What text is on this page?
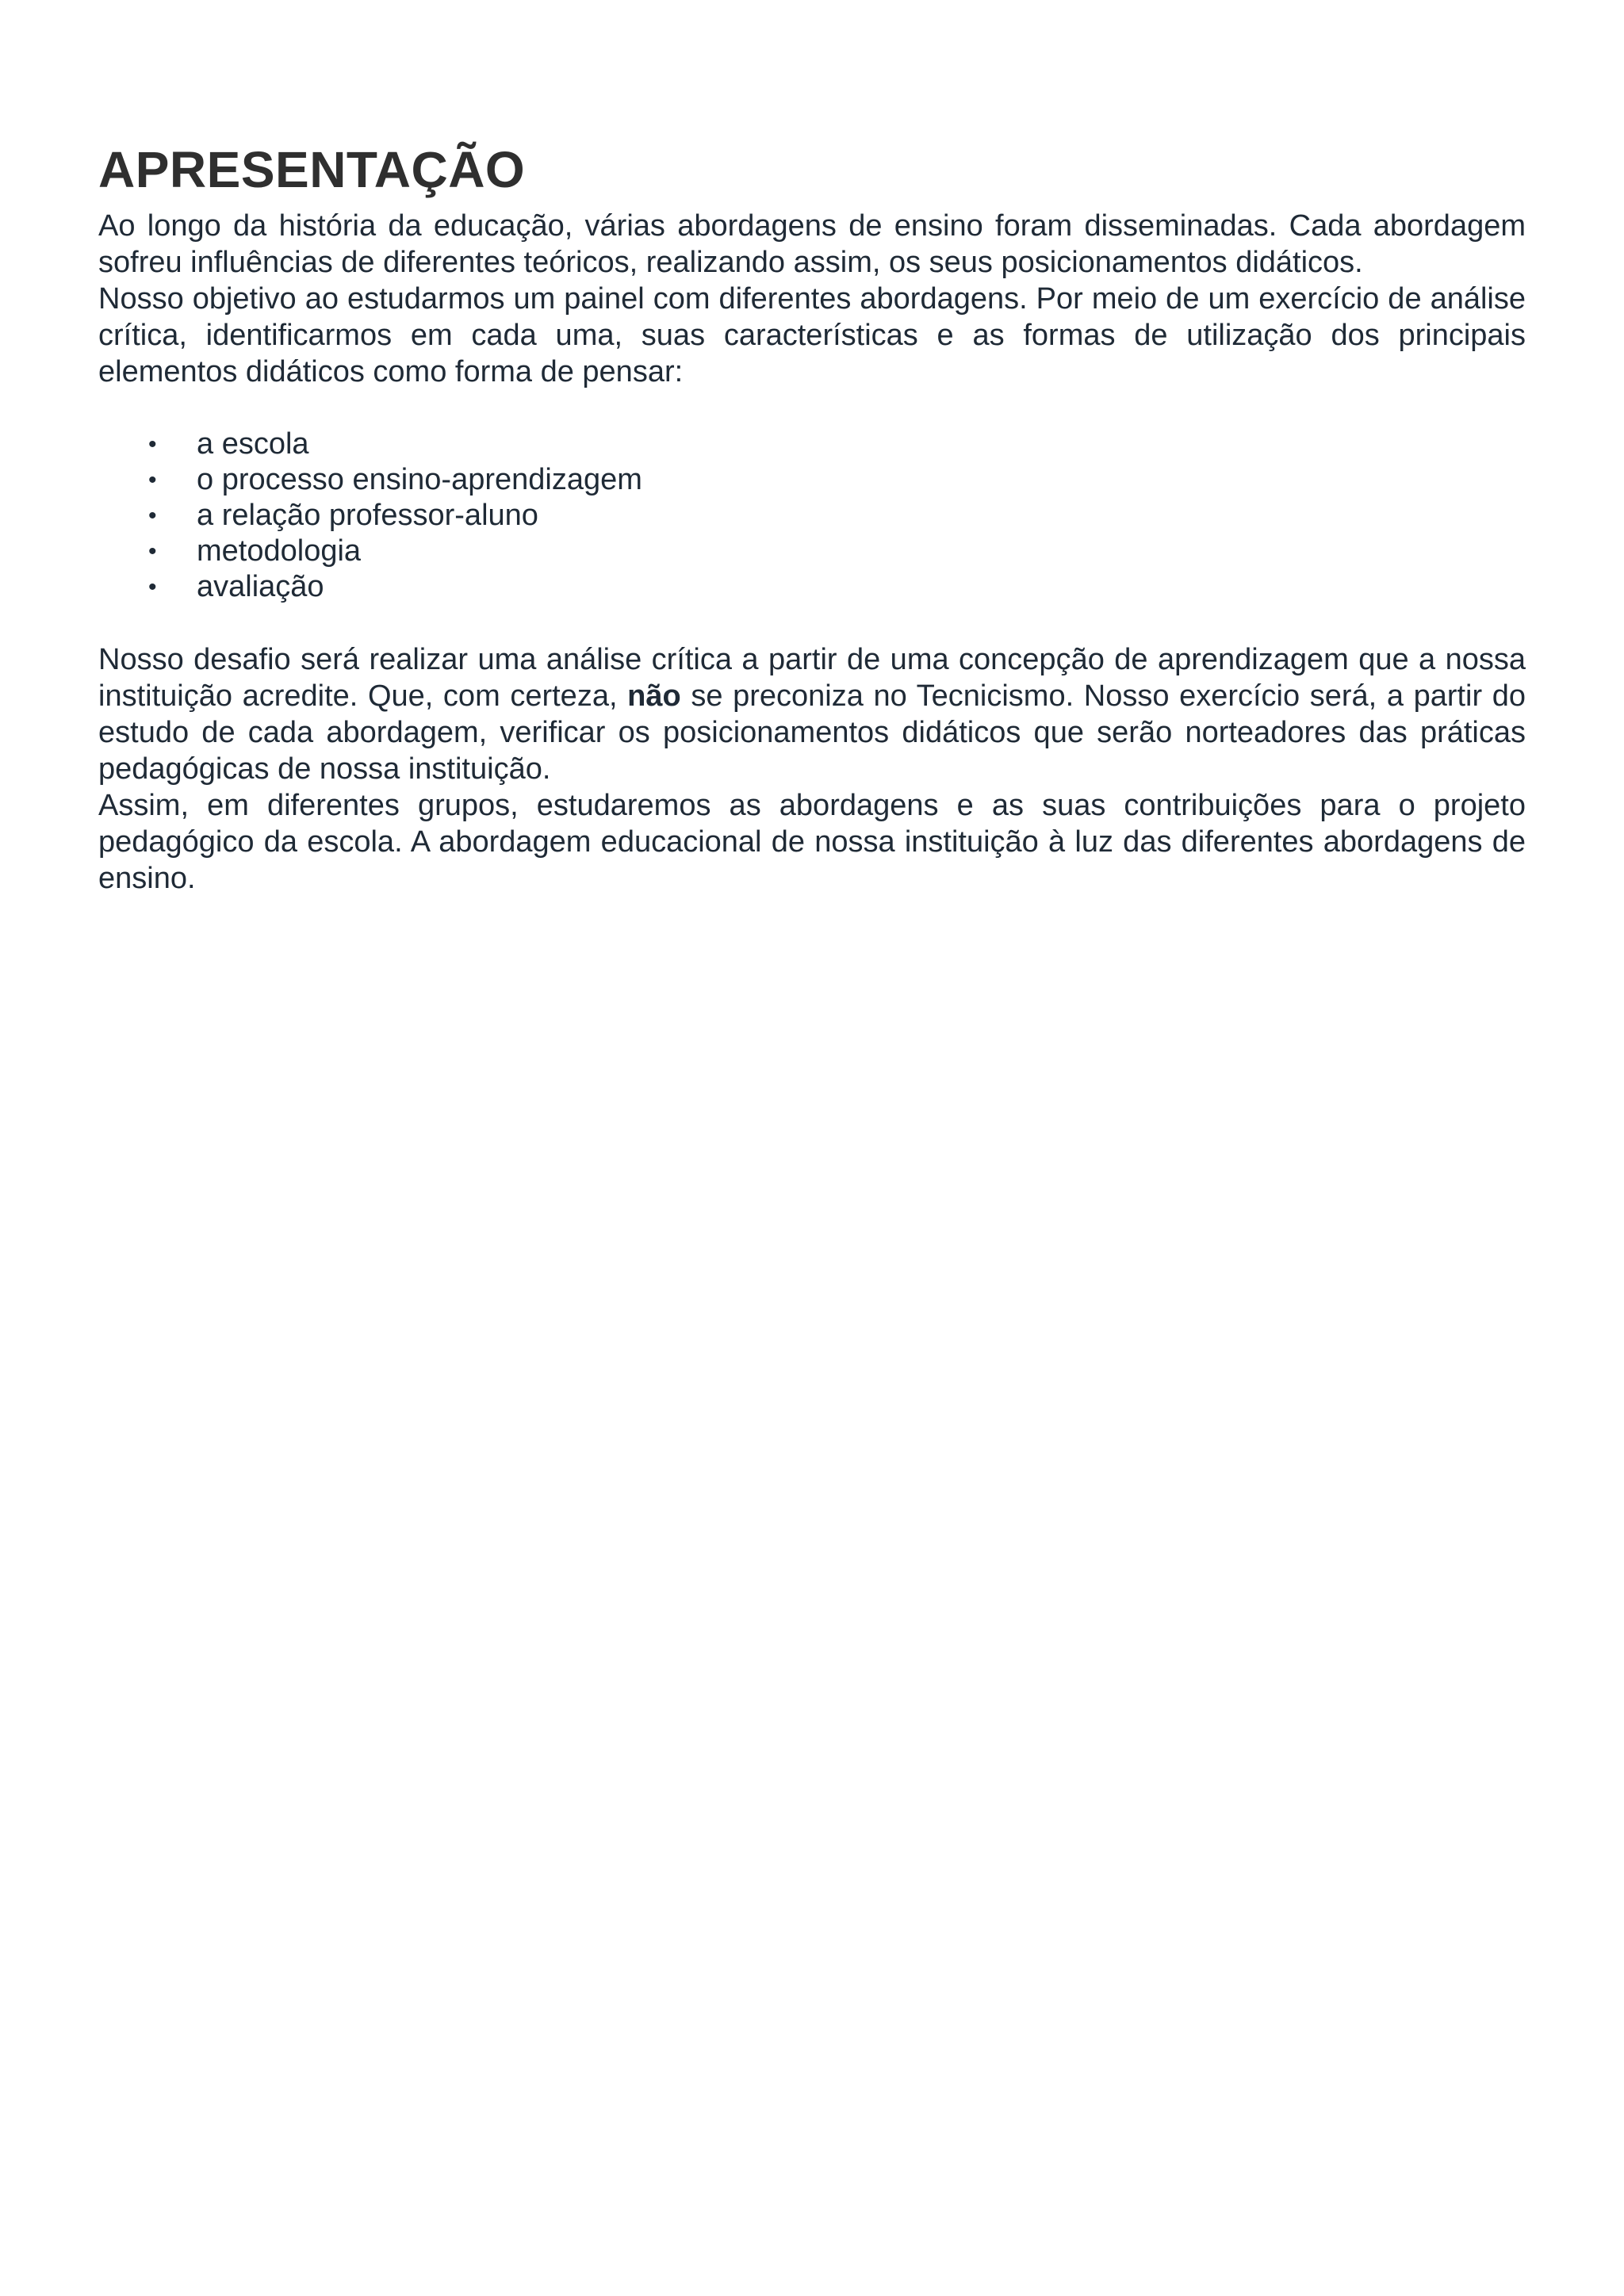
APRESENTAÇÃO

Ao longo da história da educação, várias abordagens de ensino foram disseminadas. Cada abordagem sofreu influências de diferentes teóricos, realizando assim, os seus posicionamentos didáticos.

Nosso objetivo ao estudarmos um painel com diferentes abordagens. Por meio de um exercício de análise crítica, identificarmos em cada uma, suas características e as formas de utilização dos principais elementos didáticos como forma de pensar:

• a escola
• o processo ensino-aprendizagem
• a relação professor-aluno
• metodologia
• avaliação

Nosso desafio será realizar uma análise crítica a partir de uma concepção de aprendizagem que a nossa instituição acredite. Que, com certeza, não se preconiza no Tecnicismo. Nosso exercício será, a partir do estudo de cada abordagem, verificar os posicionamentos didáticos que serão norteadores das práticas pedagógicas de nossa instituição.

Assim, em diferentes grupos, estudaremos as abordagens e as suas contribuições para o projeto pedagógico da escola. A abordagem educacional de nossa instituição à luz das diferentes abordagens de ensino.
